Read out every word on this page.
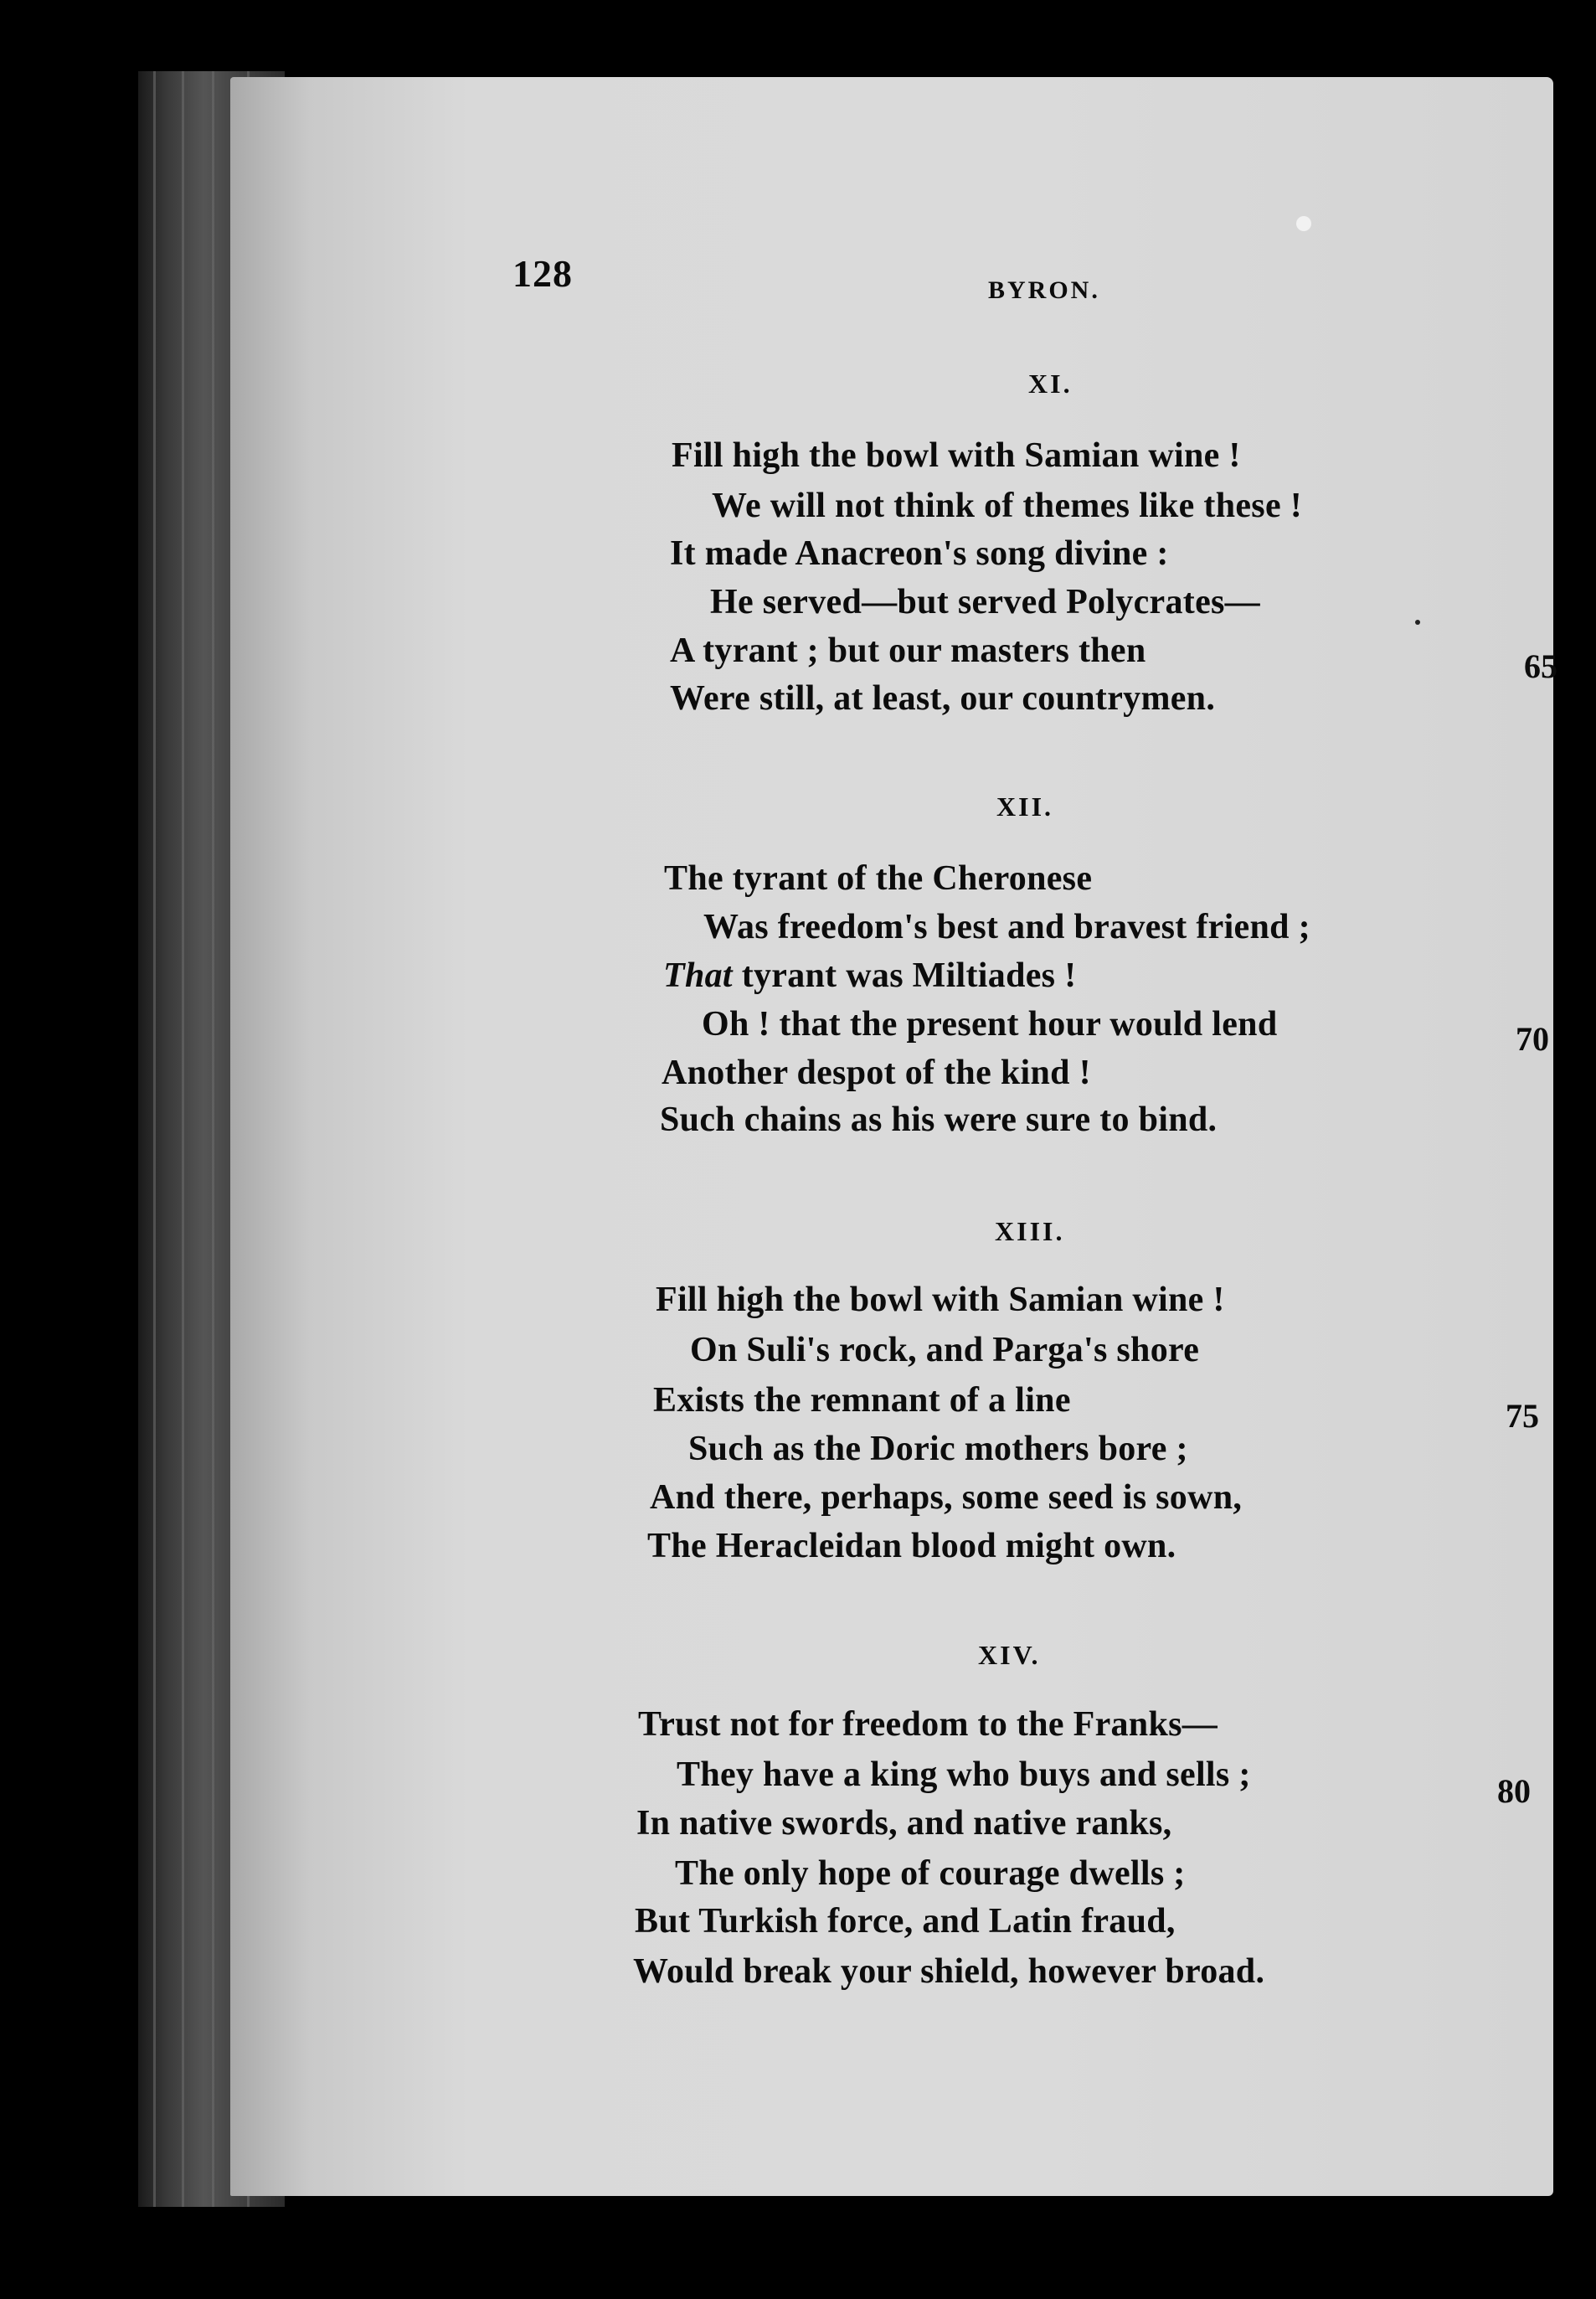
128	BYRON.
XI.
Fill high the bowl with Samian wine !
We will not think of themes like these !
It made Anacreon's song divine :
He served—but served Polycrates—
A tyrant ; but our masters then	65
Were still, at least, our countrymen.
XII.
The tyrant of the Cheronese
Was freedom's best and bravest friend ;
That tyrant was Miltiades !
Oh ! that the present hour would lend	70
Another despot of the kind !
Such chains as his were sure to bind.
XIII.
Fill high the bowl with Samian wine !
On Suli's rock, and Parga's shore
Exists the remnant of a line	75
Such as the Doric mothers bore ;
And there, perhaps, some seed is sown,
The Heracleidan blood might own.
XIV.
Trust not for freedom to the Franks—
They have a king who buys and sells ;	80
In native swords, and native ranks,
The only hope of courage dwells ;
But Turkish force, and Latin fraud,
Would break your shield, however broad.
